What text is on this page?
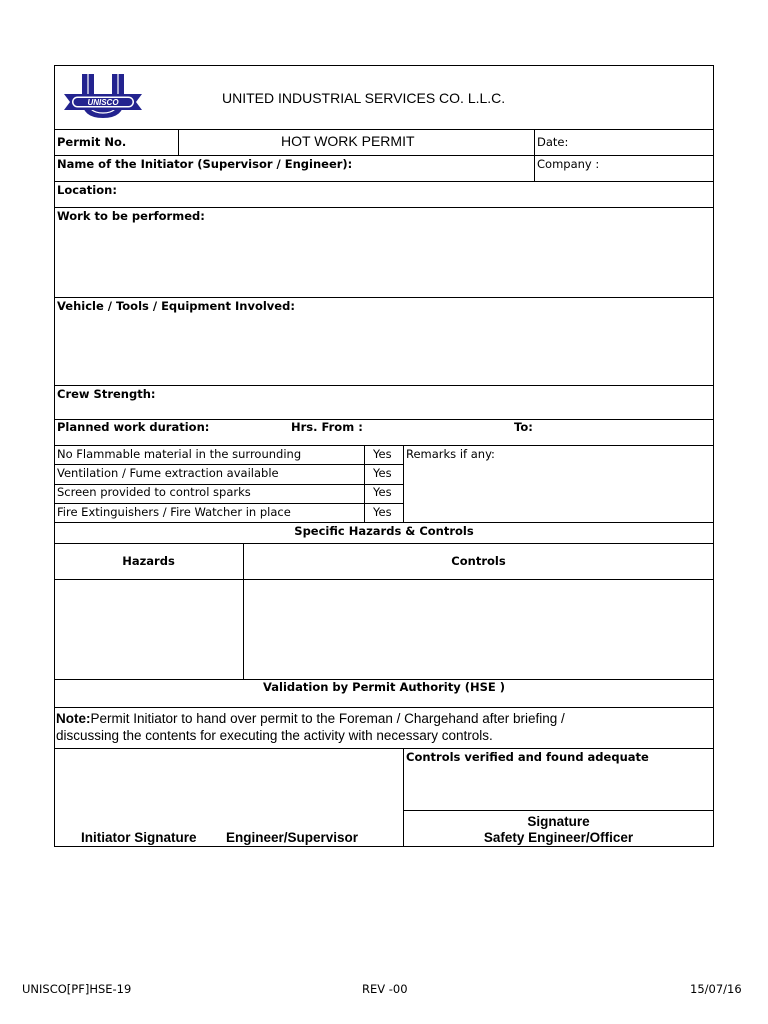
UNISCO	UNITED INDUSTRIAL SERVICES CO. L.L.C.
Permit No.	HOT WORK PERMIT	Date:
Name of the Initiator (Supervisor / Engineer):	Company :
Location:
Work to be performed:
Vehicle / Tools / Equipment Involved:
Crew Strength:
Planned work duration:	Hrs. From :	To:
No Flammable material in the surrounding	Yes
Ventilation / Fume extraction available	Yes
Screen provided to control sparks	Yes
Fire Extinguishers / Fire Watcher in place	Yes
Remarks if any:
Specific Hazards & Controls
Hazards	Controls
Validation by Permit Authority (HSE )
Note:Permit Initiator to hand over permit to the Foreman / Chargehand after briefing /
discussing the contents for executing the activity with necessary controls.
Controls verified and found adequate
Initiator Signature Engineer/Supervisor
Signature
Safety Engineer/Officer
UNISCO[PF]HSE-19	REV -00	15/07/16
